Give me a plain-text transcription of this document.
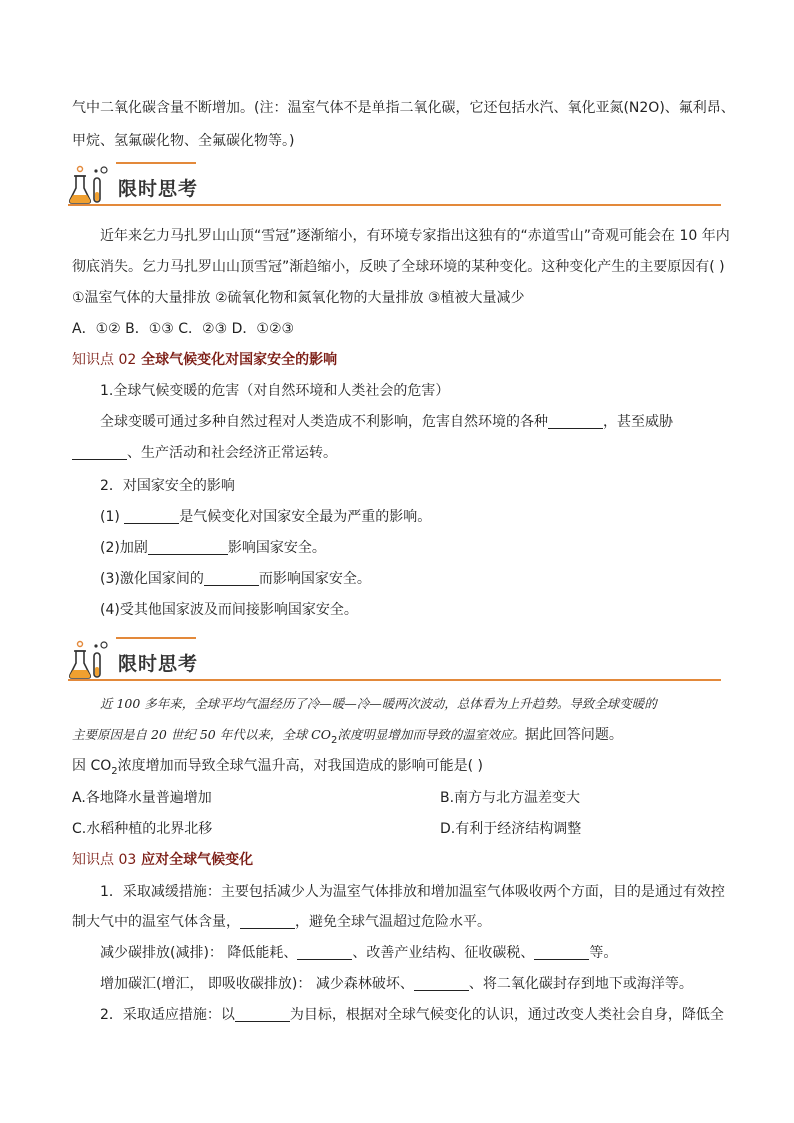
气中二氧化碳含量不断增加。(注：温室气体不是单指二氧化碳，它还包括水汽、氧化亚氮(N2O)、氟利昂、
甲烷、氢氟碳化物、全氟碳化物等。)
限时思考
近年来乞力马扎罗山山顶“雪冠”逐渐缩小，有环境专家指出这独有的“赤道雪山”奇观可能会在 10 年内
彻底消失。乞力马扎罗山山顶雪冠”渐趋缩小，反映了全球环境的某种变化。这种变化产生的主要原因有( )
①温室气体的大量排放 ②硫氧化物和氮氧化物的大量排放 ③植被大量减少
A．①② B．①③ C．②③ D．①②③
知识点 02 全球气候变化对国家安全的影响
1.全球气候变暖的危害（对自然环境和人类社会的危害）
全球变暖可通过多种自然过程对人类造成不利影响，危害自然环境的各种	，甚至威胁
、生产活动和社会经济正常运转。
2．对国家安全的影响
(1)	是气候变化对国家安全最为严重的影响。
(2)加剧	影响国家安全。
(3)激化国家间的	而影响国家安全。
(4)受其他国家波及而间接影响国家安全。
限时思考
近 100 多年来，全球平均气温经历了冷—暖—冷—暖两次波动，总体看为上升趋势。导致全球变暖的
主要原因是自 20 世纪 50 年代以来，全球 $CO_2$浓度明显增加而导致的温室效应。据此回答问题。
因 $CO_2$浓度增加而导致全球气温升高，对我国造成的影响可能是( )
A.各地降水量普遍增加	B.南方与北方温差变大
C.水稻种植的北界北移	D.有利于经济结构调整
知识点 03 应对全球气候变化
1．采取减缓措施：主要包括减少人为温室气体排放和增加温室气体吸收两个方面，目的是通过有效控
制大气中的温室气体含量，	，避免全球气温超过危险水平。
减少碳排放(减排)： 降低能耗、	、改善产业结构、征收碳税、	等。
增加碳汇(增汇， 即吸收碳排放)： 减少森林破坏、	、将二氧化碳封存到地下或海洋等。
2．采取适应措施：以	为目标，根据对全球气候变化的认识，通过改变人类社会自身，降低全
